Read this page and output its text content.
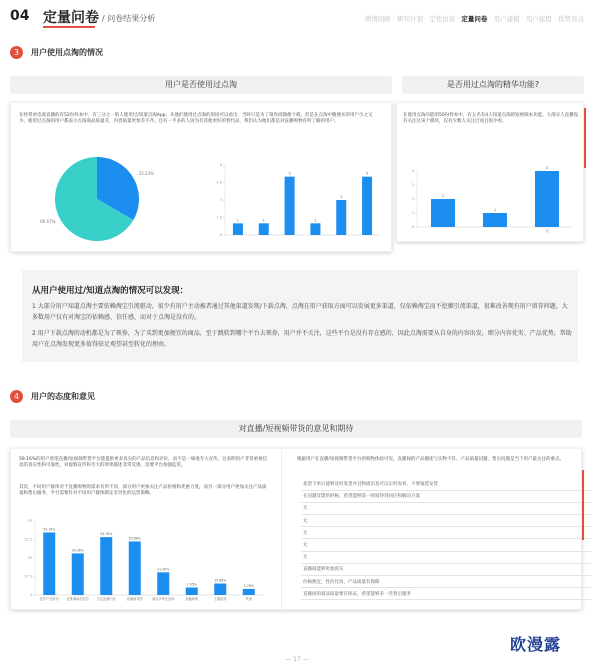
04 定量问卷 / 问卷结果分析	简情回顾 · 研究计划 · 定性访谈 · 定量问卷 · 用户建模 · 用户旅程 · 优势盲点
3	用户使用点淘的情况
用户是否使用过点淘	是否用过点淘的精华功能?
在经常看电商直播的有52份样本中，有三分之一的人使用过/知道点淘App。从他们使用过点淘的原因可以看出：当时只是为了领券而随便下载，但是在点淘中随便买的用户少之又少。使用过点淘的用户都表示点淘商品质量差，内容质量更参差不齐。还有一半多的人因为有其他更好的替代品，我们认为他们都是对直播购物有所了解的用户。
33.33%
66.67%
0
1.5
3
4.5
6
1	1
5
1
3
5
在使用点淘功能的50份样本中，有五名有4人知道点淘的短视频本功能。大部分人直播没有关注过该个模块，仅有少数人关注过而且很少看。
0
1
2
3
4
2
1
4
否
从用户使用过/知道点淘的情况可以发现：
1 大部分用户知道点淘主要依赖淘宝引流驱动，很少有用户主动被者通过其他渠道发现/下载点淘，点淘在用户获取方面可以发展更多渠道，仅依赖淘宝而不挖掘引流渠道，很难改善现有用户留存问题，大多数用户仅有对淘宝的依赖感、信任感，而对于点淘是没有的。
2 用户下载点淘的动机都是为了领券，为了买到更加便宜的商品，至于跳转到哪个平台去领券，用户并不关注，这些平台是没有存在感的，因此点淘需要从自身的内容出发，细分内容优劣、产品优势，帮助用户在点淘发现更多值得驻足观望甚至转化的理由。
4	用户的态度和意见
对直播/短视频带货的意见和期待
59.16%的用户希望直播/短视频带货平台能提供更多真实的产品信息和评价，而不是一味地夸大宣传。这表明用户非常重视信息的真实性和可靠性，对虚假宣传和夸大的效果描述非常反感，需要平台加强监管。
其次，不同用户群体对于直播购物的需求有所不同，部分用户更加关注产品价格和优惠力度，而另一部分用户更加关注产品质量和售后服务，平台需要针对不同用户群体制定差异化的运营策略。
0
17.5
35
52.5
70
59.16%
更多产品资讯
39.36%
更准确商品信息
54.76%
关注直播内容
50.66%
直播间氛围
21.45%
商品多样化选择
7.05%
直播助理
10.86%
主播推荐
5.76%
其他
根据用户在直播/短视频带货平台的购物体验可见，直播间的产品描述与实物不符、产品质量问题、售后问题是当下用户最关注的重点。
希望下单后能够及时发货并且物流信息可以实时查看，不要拖延发货
在问题反馈的时候，希望能够第一时间得到回应和解决方案
无
无
无
无
无
直播间能够更加真实
价格便宜，性价比高，产品质量有保障
直播间的商品质量要有保证，希望能够多一些售后服务
— 17 —
欧漫露
